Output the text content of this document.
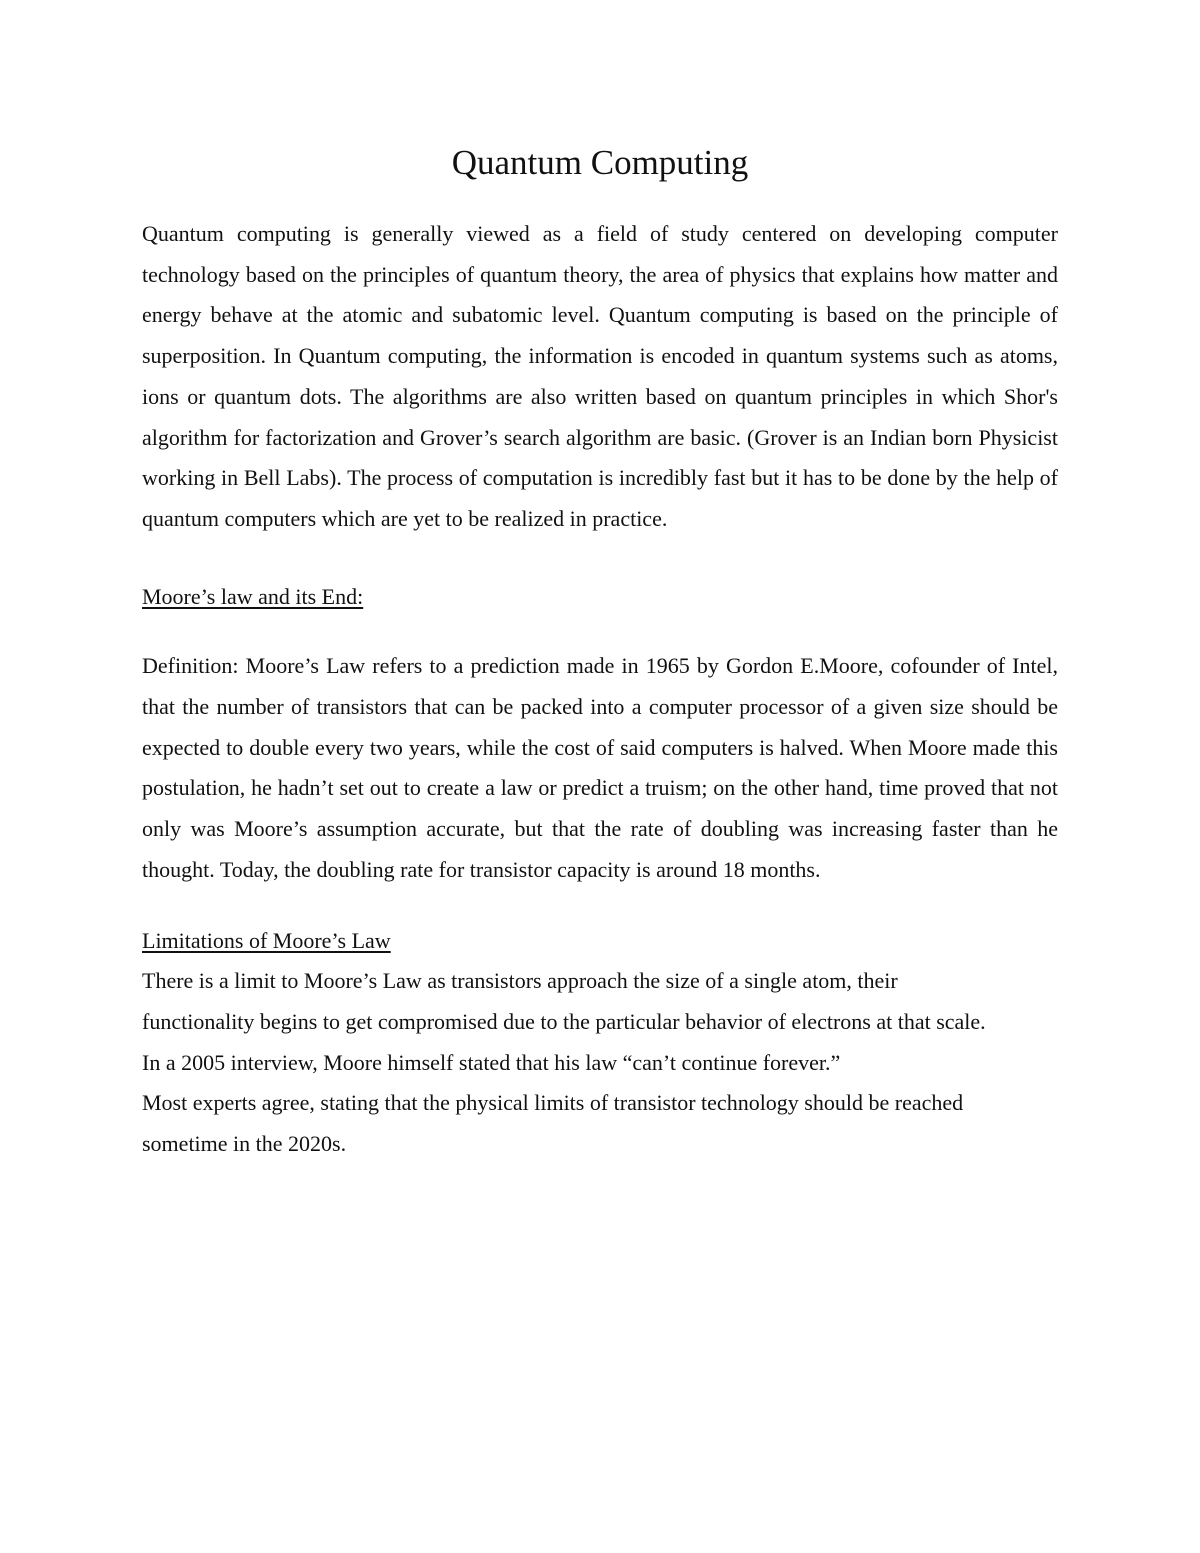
Quantum Computing

Quantum computing is generally viewed as a field of study centered on developing computer technology based on the principles of quantum theory, the area of physics that explains how matter and energy behave at the atomic and subatomic level. Quantum computing is based on the principle of superposition. In Quantum computing, the information is encoded in quantum systems such as atoms, ions or quantum dots. The algorithms are also written based on quantum principles in which Shor's algorithm for factorization and Grover’s search algorithm are basic. (Grover is an Indian born Physicist working in Bell Labs). The process of computation is incredibly fast but it has to be done by the help of quantum computers which are yet to be realized in practice.

Moore’s law and its End:

Definition: Moore’s Law refers to a prediction made in 1965 by Gordon E.Moore, cofounder of Intel, that the number of transistors that can be packed into a computer processor of a given size should be expected to double every two years, while the cost of said computers is halved. When Moore made this postulation, he hadn’t set out to create a law or predict a truism; on the other hand, time proved that not only was Moore’s assumption accurate, but that the rate of doubling was increasing faster than he thought. Today, the doubling rate for transistor capacity is around 18 months.

Limitations of Moore’s Law
There is a limit to Moore’s Law as transistors approach the size of a single atom, their
functionality begins to get compromised due to the particular behavior of electrons at that scale.
In a 2005 interview, Moore himself stated that his law “can’t continue forever.”
Most experts agree, stating that the physical limits of transistor technology should be reached
sometime in the 2020s.
